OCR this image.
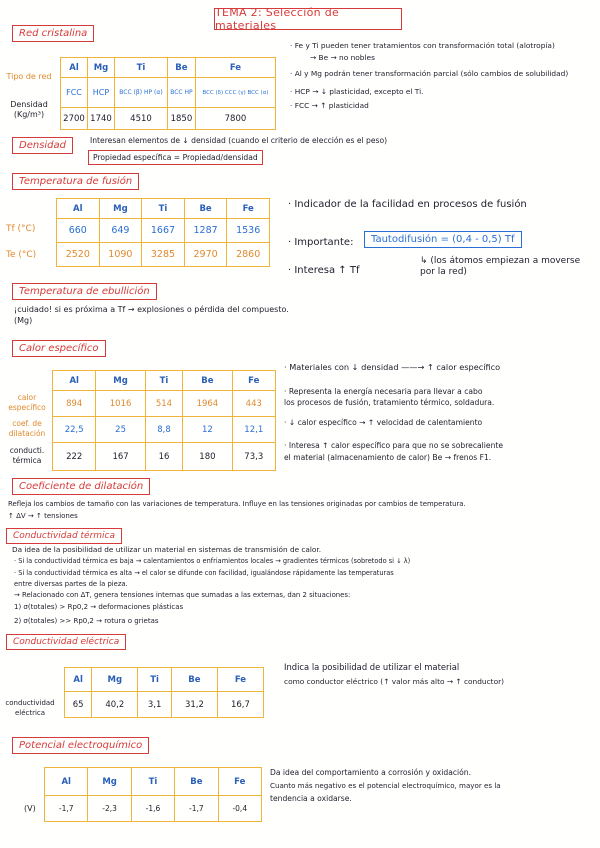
TEMA 2: Selección de materiales
Red cristalina
Tipo de red
Densidad (Kg/m³)
Al	Mg	Ti	Be	Fe
FCC	HCP	BCC (β) HP (α)	BCC HP	BCC (δ) CCC (γ) BCC (α)
2700	1740	4510	1850	7800
· Fe y Ti pueden tener tratamientos con transformación total (alotropía)
→ Be → no nobles
· Al y Mg podrán tener transformación parcial (sólo cambios de solubilidad)
· HCP → ↓ plasticidad, excepto el Ti.
· FCC → ↑ plasticidad
Densidad	Interesan elementos de ↓ densidad (cuando el criterio de elección es el peso)
Propiedad específica = Propiedad/densidad
Temperatura de fusión
Tf (°C)
Te (°C)
Al	Mg	Ti	Be	Fe
660	649	1667	1287	1536
2520	1090	3285	2970	2860
· Indicador de la facilidad en procesos de fusión
· Importante:	Tautodifusión = (0,4 - 0,5) Tf
↳ (los átomos empiezan a moverse por la red)
· Interesa ↑ Tf
Temperatura de ebullición
¡cuidado! si es próxima a Tf → explosiones o pérdida del compuesto.
(Mg)
Calor específico
calor específico
coef. de dilatación
conducti. térmica
Al	Mg	Ti	Be	Fe
894	1016	514	1964	443
22,5	25	8,8	12	12,1
222	167	16	180	73,3
· Materiales con ↓ densidad ——→ ↑ calor específico
· Representa la energía necesaria para llevar a cabo
los procesos de fusión, tratamiento térmico, soldadura.
· ↓ calor específico → ↑ velocidad de calentamiento
· Interesa ↑ calor específico para que no se sobrecaliente
el material (almacenamiento de calor) Be → frenos F1.
Coeficiente de dilatación
Refleja los cambios de tamaño con las variaciones de temperatura. Influye en las tensiones originadas por cambios de temperatura.
↑ ΔV → ↑ tensiones
Conductividad térmica
Da idea de la posibilidad de utilizar un material en sistemas de transmisión de calor.
· Si la conductividad térmica es baja → calentamientos o enfriamientos locales → gradientes térmicos (sobretodo si ↓ λ)
· Si la conductividad térmica es alta → el calor se difunde con facilidad, igualándose rápidamente las temperaturas
entre diversas partes de la pieza.
→ Relacionado con ΔT, genera tensiones internas que sumadas a las externas, dan 2 situaciones:
1) σ(totales) > Rp0,2 → deformaciones plásticas
2) σ(totales) >> Rp0,2 → rotura o grietas
Conductividad eléctrica
conductividad eléctrica
Al	Mg	Ti	Be	Fe
65	40,2	3,1	31,2	16,7
Indica la posibilidad de utilizar el material
como conductor eléctrico (↑ valor más alto → ↑ conductor)
Potencial electroquímico
(V)
Al	Mg	Ti	Be	Fe
-1,7	-2,3	-1,6	-1,7	-0,4
Da idea del comportamiento a corrosión y oxidación.
Cuanto más negativo es el potencial electroquímico, mayor es la
tendencia a oxidarse.
